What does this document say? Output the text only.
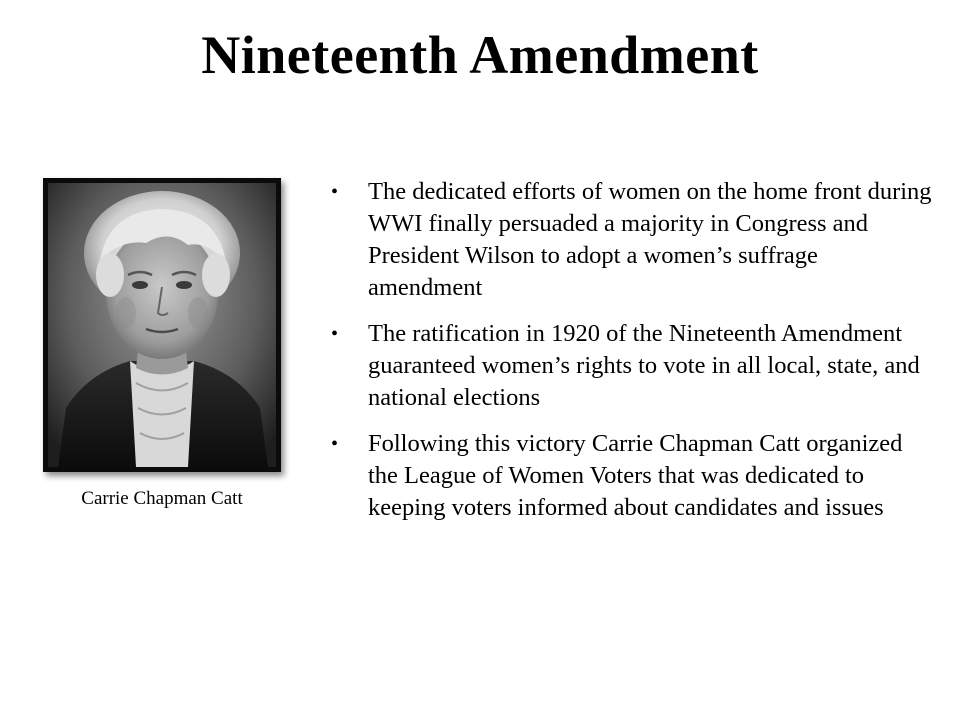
Nineteenth Amendment
Carrie Chapman Catt
• The dedicated efforts of women on the home front during WWI finally persuaded a majority in Congress and President Wilson to adopt a women’s suffrage amendment
• The ratification in 1920 of the Nineteenth Amendment guaranteed women’s rights to vote in all local, state, and national elections
• Following this victory Carrie Chapman Catt organized the League of Women Voters that was dedicated to keeping voters informed about candidates and issues
